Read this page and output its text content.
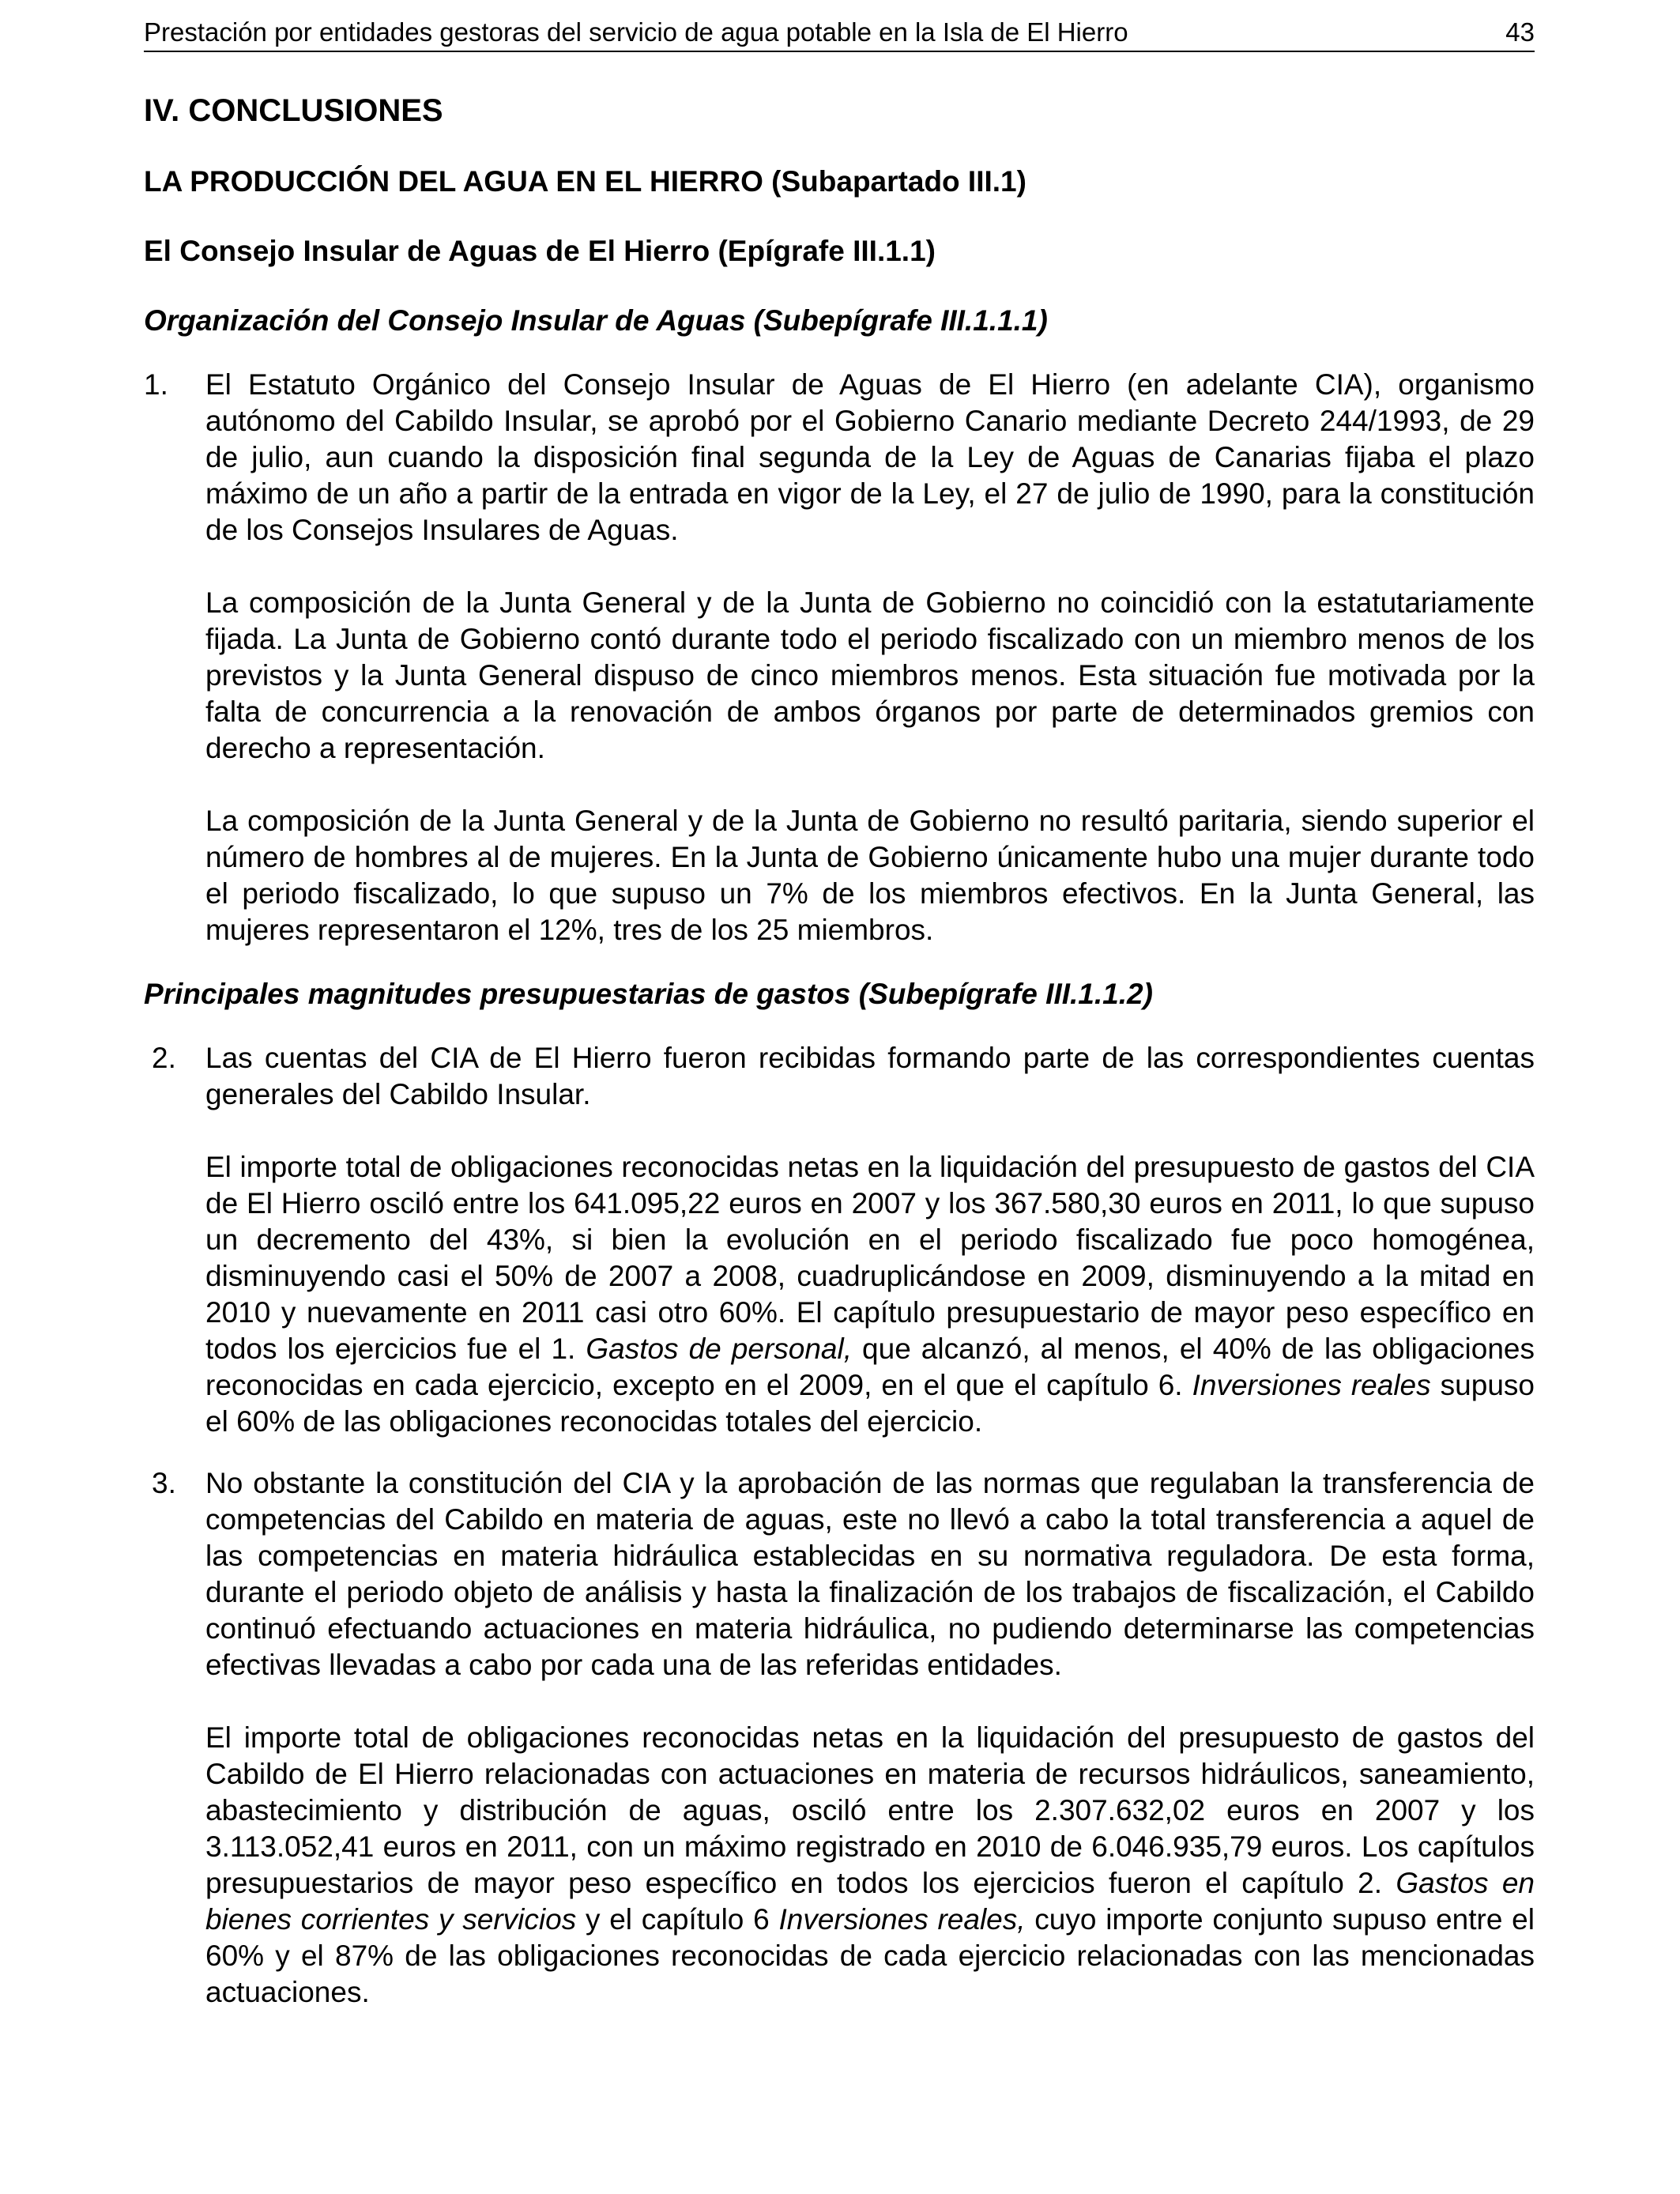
Prestación por entidades gestoras del servicio de agua potable en la Isla de El Hierro	43
IV. CONCLUSIONES
LA PRODUCCIÓN DEL AGUA EN EL HIERRO (Subapartado III.1)
El Consejo Insular de Aguas de El Hierro (Epígrafe III.1.1)
Organización del Consejo Insular de Aguas (Subepígrafe III.1.1.1)
1.	El Estatuto Orgánico del Consejo Insular de Aguas de El Hierro (en adelante CIA), organismo autónomo del Cabildo Insular, se aprobó por el Gobierno Canario mediante Decreto 244/1993, de 29 de julio, aun cuando la disposición final segunda de la Ley de Aguas de Canarias fijaba el plazo máximo de un año a partir de la entrada en vigor de la Ley, el 27 de julio de 1990, para la constitución de los Consejos Insulares de Aguas.

La composición de la Junta General y de la Junta de Gobierno no coincidió con la estatutariamente fijada. La Junta de Gobierno contó durante todo el periodo fiscalizado con un miembro menos de los previstos y la Junta General dispuso de cinco miembros menos. Esta situación fue motivada por la falta de concurrencia a la renovación de ambos órganos por parte de determinados gremios con derecho a representación.

La composición de la Junta General y de la Junta de Gobierno no resultó paritaria, siendo superior el número de hombres al de mujeres. En la Junta de Gobierno únicamente hubo una mujer durante todo el periodo fiscalizado, lo que supuso un 7% de los miembros efectivos. En la Junta General, las mujeres representaron el 12%, tres de los 25 miembros.

Principales magnitudes presupuestarias de gastos (Subepígrafe III.1.1.2)
2.	Las cuentas del CIA de El Hierro fueron recibidas formando parte de las correspondientes cuentas generales del Cabildo Insular.

El importe total de obligaciones reconocidas netas en la liquidación del presupuesto de gastos del CIA de El Hierro osciló entre los 641.095,22 euros en 2007 y los 367.580,30 euros en 2011, lo que supuso un decremento del 43%, si bien la evolución en el periodo fiscalizado fue poco homogénea, disminuyendo casi el 50% de 2007 a 2008, cuadruplicándose en 2009, disminuyendo a la mitad en 2010 y nuevamente en 2011 casi otro 60%. El capítulo presupuestario de mayor peso específico en todos los ejercicios fue el 1. Gastos de personal, que alcanzó, al menos, el 40% de las obligaciones reconocidas en cada ejercicio, excepto en el 2009, en el que el capítulo 6. Inversiones reales supuso el 60% de las obligaciones reconocidas totales del ejercicio.

3.	No obstante la constitución del CIA y la aprobación de las normas que regulaban la transferencia de competencias del Cabildo en materia de aguas, este no llevó a cabo la total transferencia a aquel de las competencias en materia hidráulica establecidas en su normativa reguladora. De esta forma, durante el periodo objeto de análisis y hasta la finalización de los trabajos de fiscalización, el Cabildo continuó efectuando actuaciones en materia hidráulica, no pudiendo determinarse las competencias efectivas llevadas a cabo por cada una de las referidas entidades.

El importe total de obligaciones reconocidas netas en la liquidación del presupuesto de gastos del Cabildo de El Hierro relacionadas con actuaciones en materia de recursos hidráulicos, saneamiento, abastecimiento y distribución de aguas, osciló entre los 2.307.632,02 euros en 2007 y los 3.113.052,41 euros en 2011, con un máximo registrado en 2010 de 6.046.935,79 euros. Los capítulos presupuestarios de mayor peso específico en todos los ejercicios fueron el capítulo 2. Gastos en bienes corrientes y servicios y el capítulo 6 Inversiones reales, cuyo importe conjunto supuso entre el 60% y el 87% de las obligaciones reconocidas de cada ejercicio relacionadas con las mencionadas actuaciones.
